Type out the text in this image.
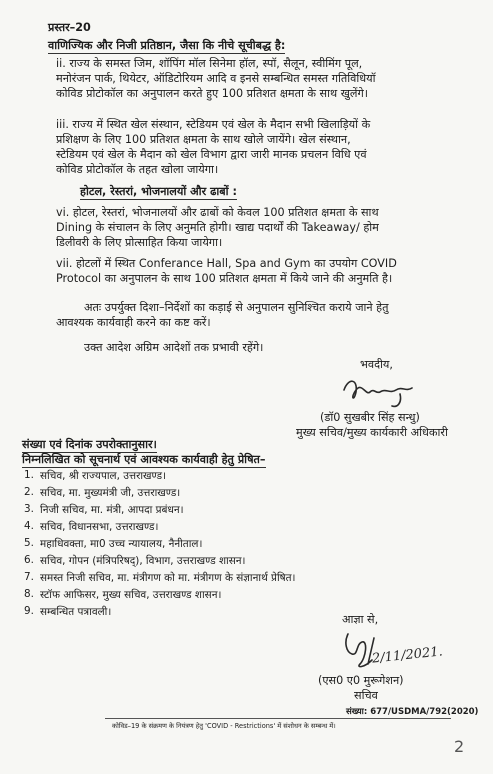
प्रस्तर–20
वाणिज्यिक और निजी प्रतिष्ठान, जैसा कि नीचे सूचीबद्ध है:
ii. राज्य के समस्त जिम, शॉपिंग मॉल सिनेमा हॉल, स्पॉ, सैलून, स्वीमिंग पूल,
मनोरंजन पार्क, थियेटर, ऑडिटोरियम आदि व इनसे सम्बन्धित समस्त गतिविधियॉ
कोविड प्रोटोकॉल का अनुपालन करते हुए 100 प्रतिशत क्षमता के साथ खुलेंगे।
iii. राज्य में स्थित खेल संस्थान, स्टेडियम एवं खेल के मैदान सभी खिलाड़ियों के
प्रशिक्षण के लिए 100 प्रतिशत क्षमता के साथ खोले जायेंगे। खेल संस्थान,
स्टेडियम एवं खेल के मैदान को खेल विभाग द्वारा जारी मानक प्रचलन विधि एवं
कोविड प्रोटोकॉल के तहत खोला जायेगा।
होटल, रेस्तरां, भोजनालयों और ढाबों :
vi. होटल, रेस्तरां, भोजनालयों और ढाबों को केवल 100 प्रतिशत क्षमता के साथ
Dining के संचालन के लिए अनुमति होगी। खाद्य पदार्थों की Takeaway/ होम
डिलीवरी के लिए प्रोत्साहित किया जायेगा।
vii. होटलों में स्थित Conferance Hall, Spa and Gym का उपयोग COVID
Protocol का अनुपालन के साथ 100 प्रतिशत क्षमता में किये जाने की अनुमति है।
अतः उपर्युक्त दिशा–निर्देशों का कड़ाई से अनुपालन सुनिश्चित कराये जाने हेतु
आवश्यक कार्यवाही करने का कष्ट करें।
उक्त आदेश अग्रिम आदेशों तक प्रभावी रहेंगे।
भवदीय,
(डॉ0 सुखबीर सिंह सन्धु)
मुख्य सचिव/मुख्य कार्यकारी अधिकारी
संख्या एवं दिनांक उपरोक्तानुसार।
निम्नलिखित को सूचनार्थ एवं आवश्यक कार्यवाही हेतु प्रेषित–
1. सचिव, श्री राज्यपाल, उत्तराखण्ड।
2. सचिव, मा. मुख्यमंत्री जी, उत्तराखण्ड।
3. निजी सचिव, मा. मंत्री, आपदा प्रबंधन।
4. सचिव, विधानसभा, उत्तराखण्ड।
5. महाधिवक्ता, मा0 उच्च न्यायालय, नैनीताल।
6. सचिव, गोपन (मंत्रिपरिषद्), विभाग, उत्तराखण्ड शासन।
7. समस्त निजी सचिव, मा. मंत्रीगण को मा. मंत्रीगण के संज्ञानार्थ प्रेषित।
8. स्टॉफ आफिसर, मुख्य सचिव, उत्तराखण्ड शासन।
9. सम्बन्धित पत्रावली।
आज्ञा से,
2/11/2021.
(एस0 ए0 मुरूगेशन)
सचिव
संख्या: 677/USDMA/792(2020)
कोविड–19 के संक्रमण के नियंत्रण हेतु 'COVID - Restrictions' में संशोधन के सम्बन्ध में।
2
